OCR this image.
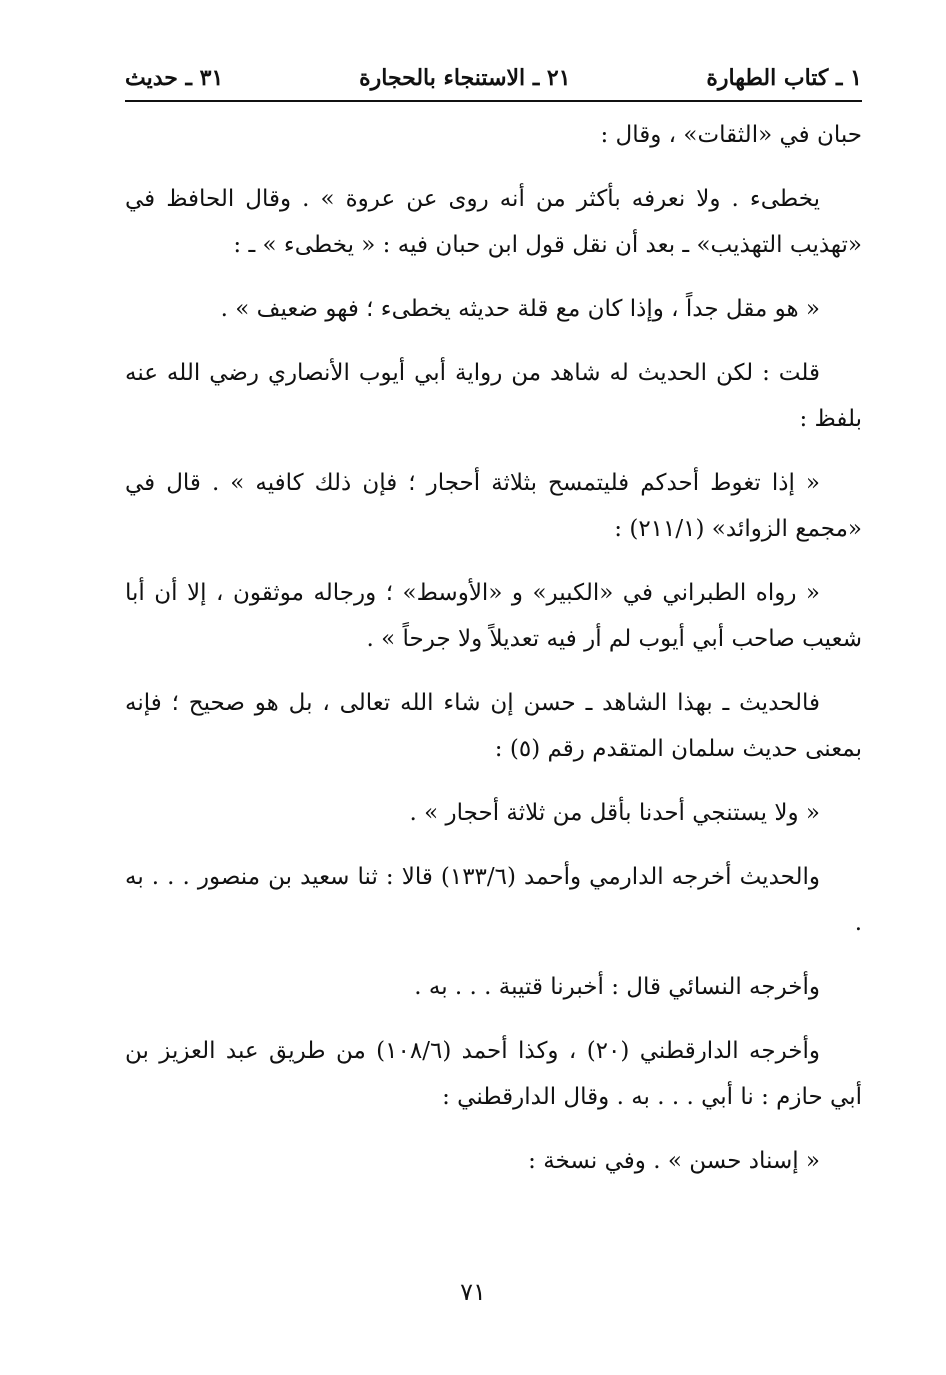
١ ـ كتاب الطهارة
٢١ ـ الاستنجاء بالحجارة
٣١ ـ حديث

حبان في «الثقات» ، وقال :

يخطىء . ولا نعرفه بأكثر من أنه روى عن عروة » . وقال الحافظ في «تهذيب التهذيب» ـ بعد أن نقل قول ابن حبان فيه : « يخطىء » ـ :

« هو مقل جداً ، وإذا كان مع قلة حديثه يخطىء ؛ فهو ضعيف » .

قلت : لكن الحديث له شاهد من رواية أبي أيوب الأنصاري رضي الله عنه بلفظ :

« إذا تغوط أحدكم فليتمسح بثلاثة أحجار ؛ فإن ذلك كافيه » . قال في «مجمع الزوائد» (٢١١/١) :

« رواه الطبراني في «الكبير» و «الأوسط» ؛ ورجاله موثقون ، إلا أن أبا شعيب صاحب أبي أيوب لم أر فيه تعديلاً ولا جرحاً » .

فالحديث ـ بهذا الشاهد ـ حسن إن شاء الله تعالى ، بل هو صحيح ؛ فإنه بمعنى حديث سلمان المتقدم رقم (٥) :

« ولا يستنجي أحدنا بأقل من ثلاثة أحجار » .

والحديث أخرجه الدارمي وأحمد (١٣٣/٦) قالا : ثنا سعيد بن منصور . . . به .

وأخرجه النسائي قال : أخبرنا قتيبة . . . به .

وأخرجه الدارقطني (٢٠) ، وكذا أحمد (١٠٨/٦) من طريق عبد العزيز بن أبي حازم : نا أبي . . . به . وقال الدارقطني :

« إسناد حسن » . وفي نسخة :

٧١
